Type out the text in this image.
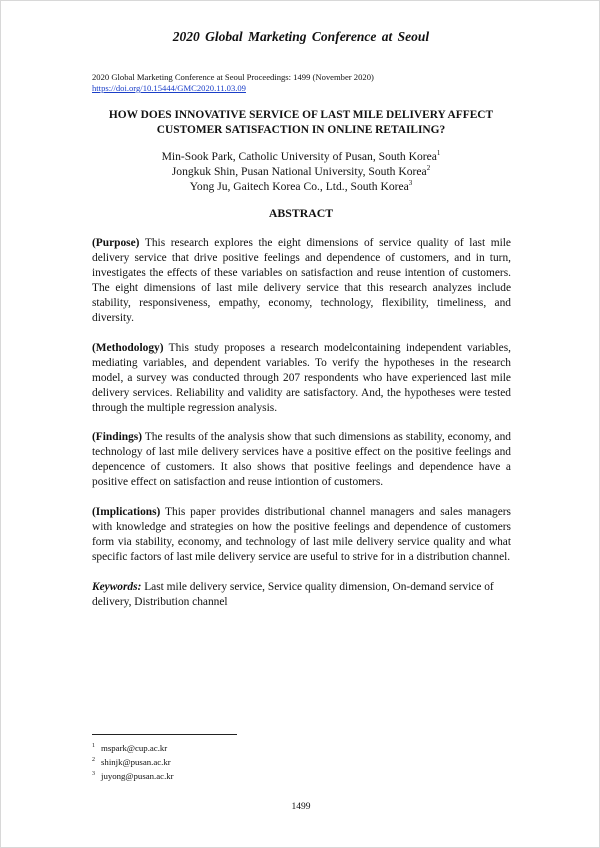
2020 Global Marketing Conference at Seoul
2020 Global Marketing Conference at Seoul Proceedings: 1499 (November 2020)
https://doi.org/10.15444/GMC2020.11.03.09
HOW DOES INNOVATIVE SERVICE OF LAST MILE DELIVERY AFFECT
CUSTOMER SATISFACTION IN ONLINE RETAILING?
Min-Sook Park, Catholic University of Pusan, South Korea$^1$
Jongkuk Shin, Pusan National University, South Korea$^2$
Yong Ju, Gaitech Korea Co., Ltd., South Korea$^3$
ABSTRACT

(Purpose) This research explores the eight dimensions of service quality of last mile delivery service that drive positive feelings and dependence of customers, and in turn, investigates the effects of these variables on satisfaction and reuse intention of customers. The eight dimensions of last mile delivery service that this research analyzes include stability, responsiveness, empathy, economy, technology, flexibility, timeliness, and diversity.

(Methodology) This study proposes a research modelcontaining independent variables, mediating variables, and dependent variables. To verify the hypotheses in the research model, a survey was conducted through 207 respondents who have experienced last mile delivery services. Reliability and validity are satisfactory. And, the hypotheses were tested through the multiple regression analysis.

(Findings) The results of the analysis show that such dimensions as stability, economy, and technology of last mile delivery services have a positive effect on the positive feelings and depencence of customers. It also shows that positive feelings and dependence have a positive effect on satisfaction and reuse intiontion of customers.

(Implications) This paper provides distributional channel managers and sales managers with knowledge and strategies on how the positive feelings and dependence of customers form via stability, economy, and technology of last mile delivery service quality and what specific factors of last mile delivery service are useful to strive for in a distribution channel.

Keywords: Last mile delivery service, Service quality dimension, On-demand service of delivery, Distribution channel

$^1$ mspark@cup.ac.kr
$^2$ shinjk@pusan.ac.kr
$^3$ juyong@pusan.ac.kr
1499
